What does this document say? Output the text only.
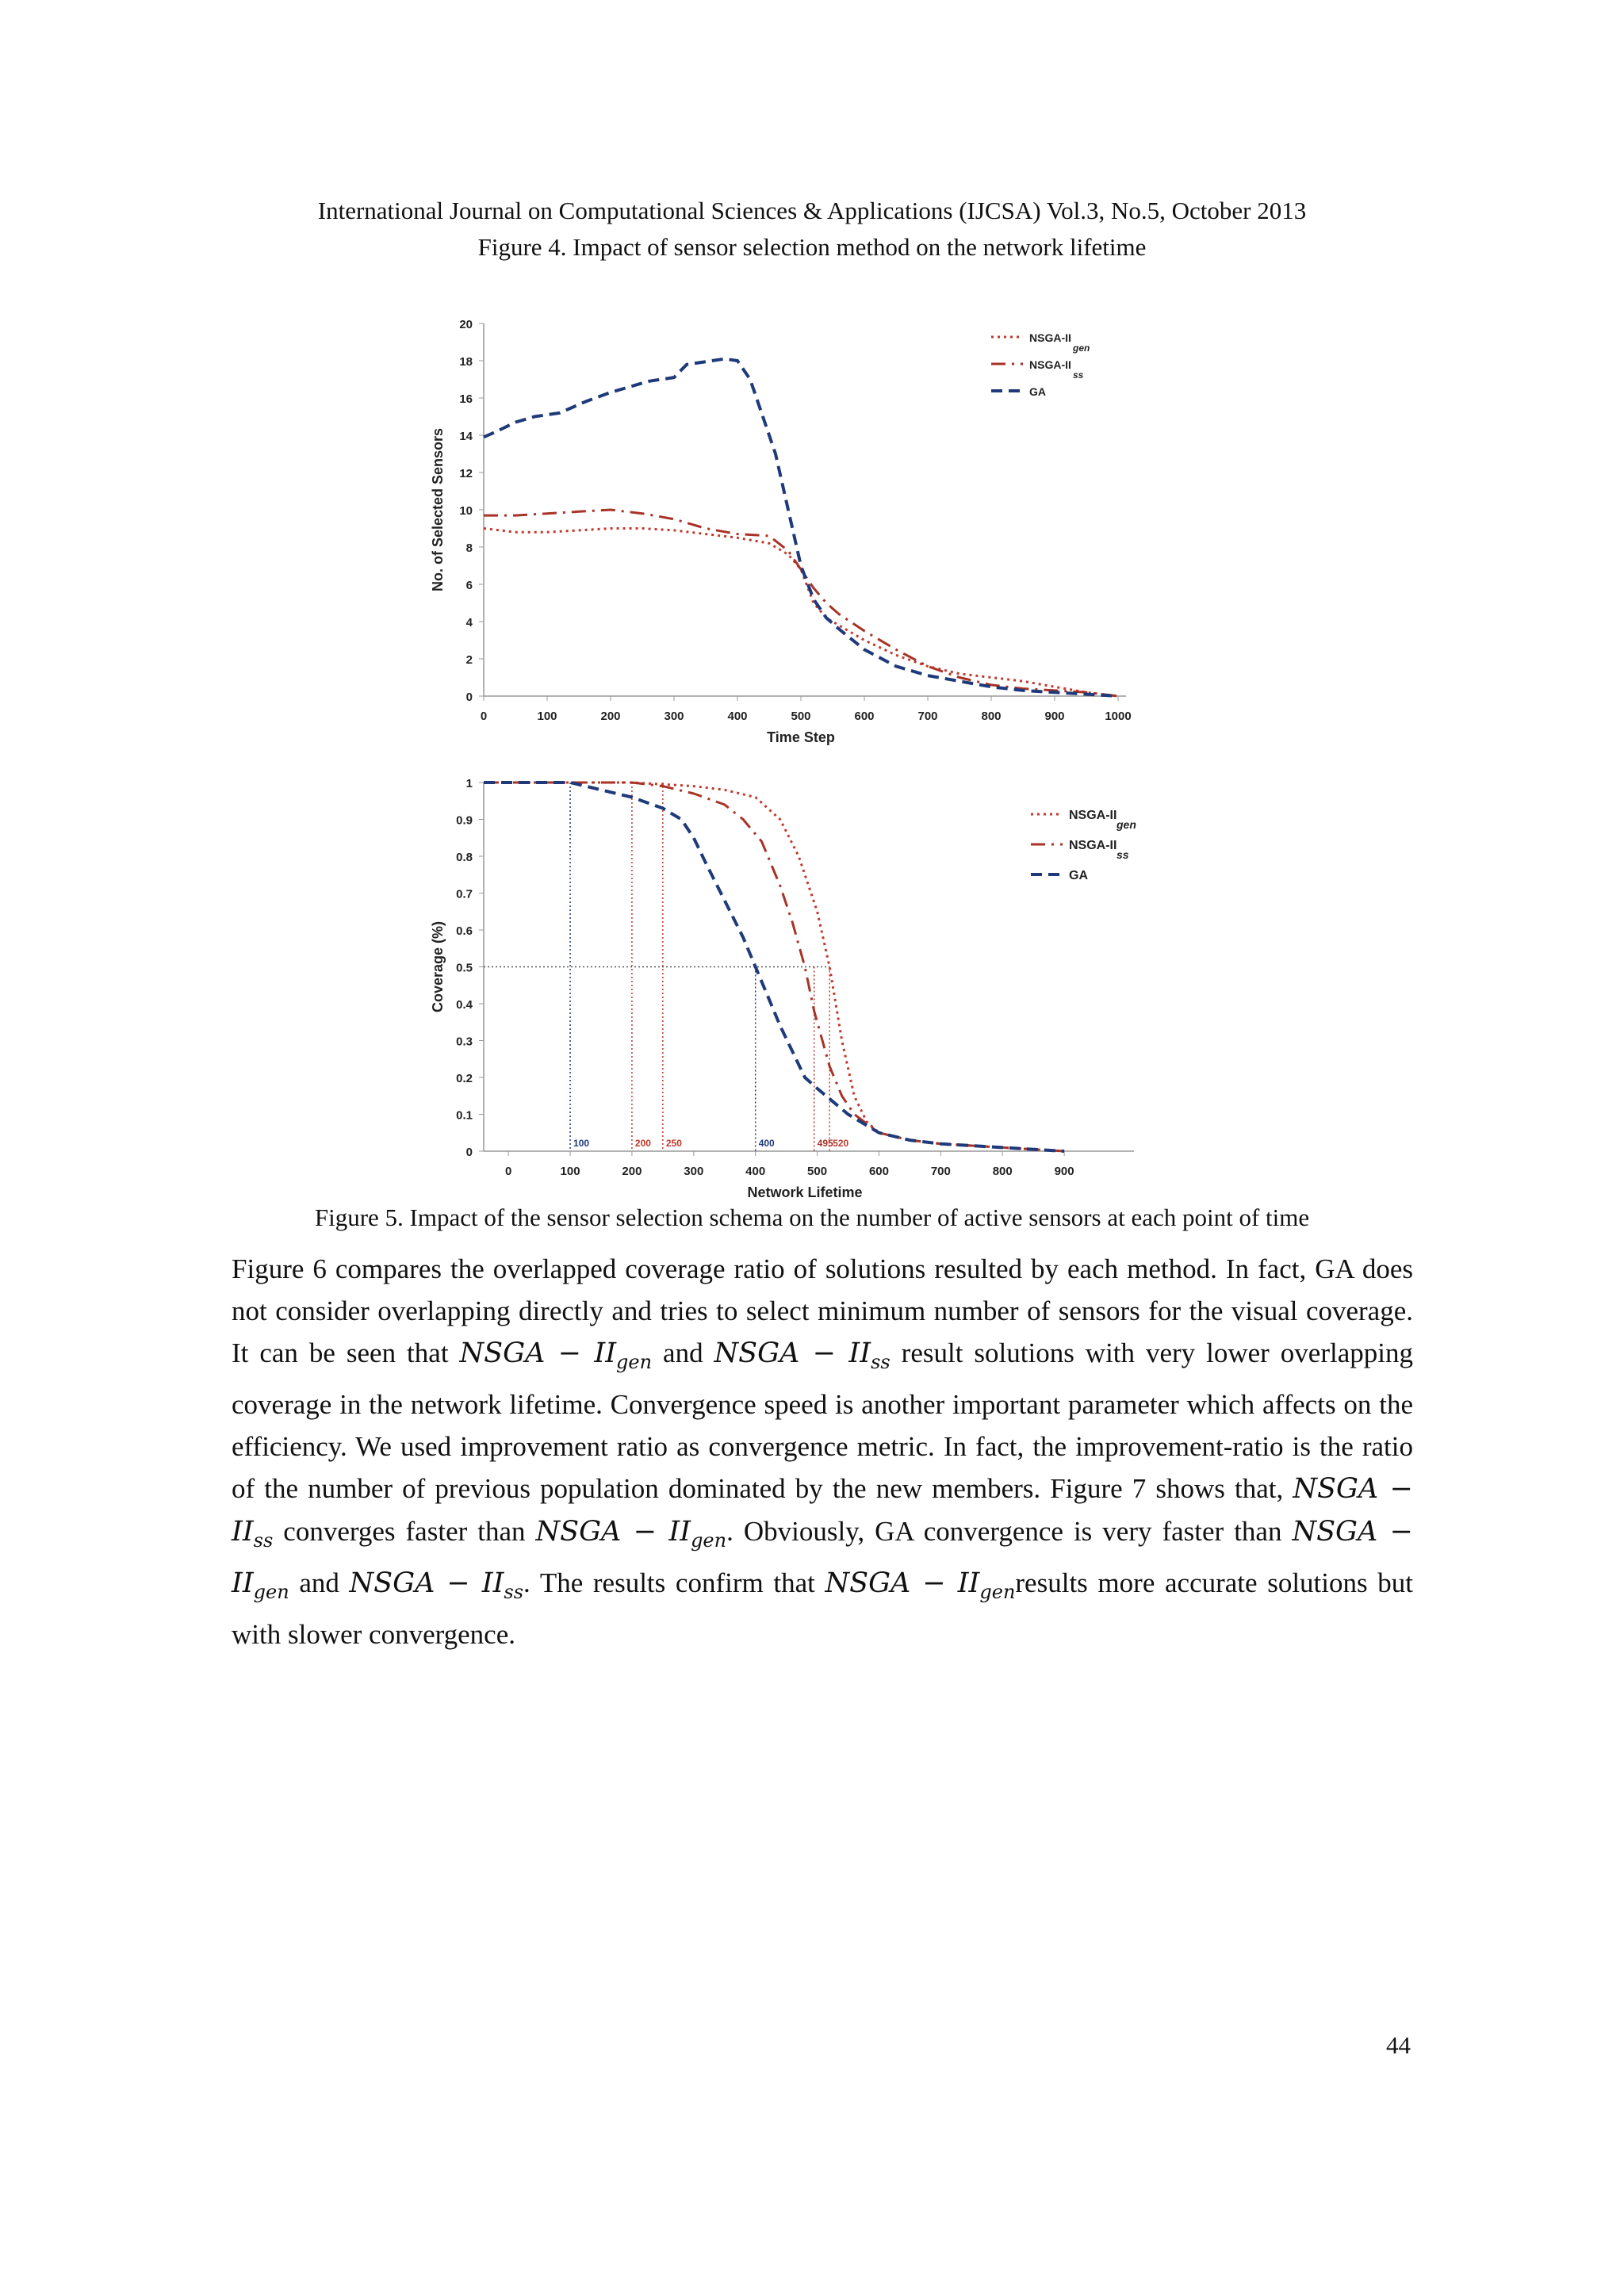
International Journal on Computational Sciences & Applications (IJCSA) Vol.3, No.5, October 2013
Figure 4. Impact of sensor selection method on the network lifetime
0
2
4
6
8
10
12
14
16
18
20
0	100	200	300	400	500	600	700	800	900	1000
Time Step
No. of Selected Sensors
NSGA-II
gen
NSGA-II
ss
GA
0
0.1
0.2
0.3
0.4
0.5
0.6
0.7
0.8
0.9
1
0	100	200	300	400	500	600	700	800	900
Network Lifetime
Coverage (%)
100	200 250	400	495 520
NSGA-II
gen
NSGA-II
ss
GA
Figure 5. Impact of the sensor selection schema on the number of active sensors at each point of time
Figure 6 compares the overlapped coverage ratio of solutions resulted by each method. In fact, GA does not consider overlapping directly and tries to select minimum number of sensors for the visual coverage. It can be seen that NSGA − $II_{gen}$ and NSGA − $II_{ss}$ result solutions with very lower overlapping coverage in the network lifetime. Convergence speed is another important parameter which affects on the efficiency. We used improvement ratio as convergence metric. In fact, the improvement-ratio is the ratio of the number of previous population dominated by the new members. Figure 7 shows that, NSGA − $II_{ss}$ converges faster than NSGA − $II_{gen}$. Obviously, GA convergence is very faster than NSGA − $II_{gen}$ and NSGA − $II_{ss}$. The results confirm that NSGA − $II_{gen}results$ more accurate solutions but with slower convergence.
44
